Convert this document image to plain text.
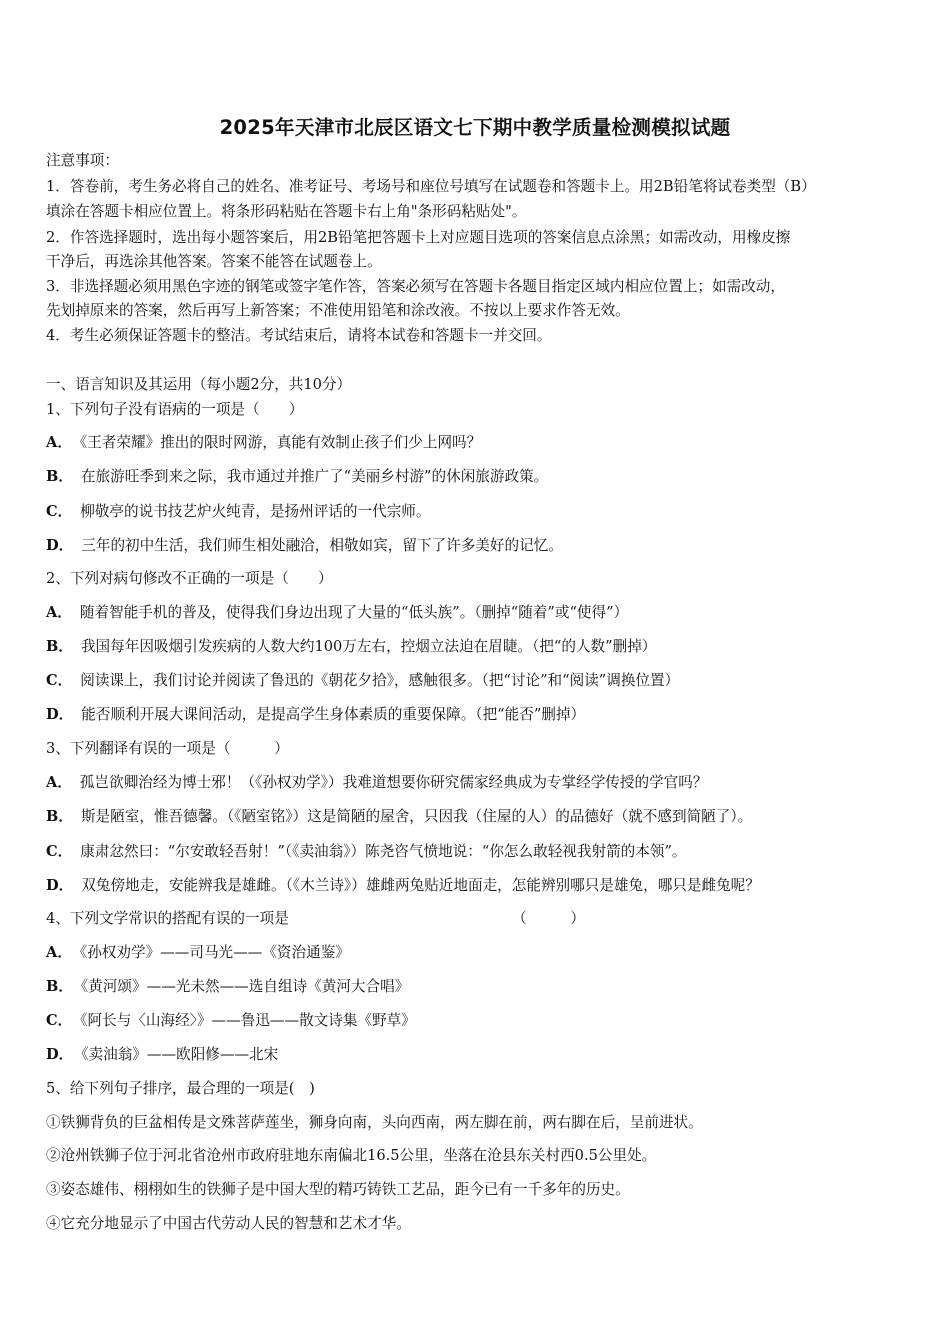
2025年天津市北辰区语文七下期中教学质量检测模拟试题
注意事项：
1．答卷前，考生务必将自己的姓名、准考证号、考场号和座位号填写在试题卷和答题卡上。用2B铅笔将试卷类型（B）
填涂在答题卡相应位置上。将条形码粘贴在答题卡右上角"条形码粘贴处"。
2．作答选择题时，选出每小题答案后，用2B铅笔把答题卡上对应题目选项的答案信息点涂黑；如需改动，用橡皮擦
干净后，再选涂其他答案。答案不能答在试题卷上。
3．非选择题必须用黑色字迹的钢笔或签字笔作答，答案必须写在答题卡各题目指定区域内相应位置上；如需改动，
先划掉原来的答案，然后再写上新答案；不准使用铅笔和涂改液。不按以上要求作答无效。
4．考生必须保证答题卡的整洁。考试结束后，请将本试卷和答题卡一并交回。
一、语言知识及其运用（每小题2分，共10分）
1、下列句子没有语病的一项是（　　）
A． 《王者荣耀》推出的限时网游，真能有效制止孩子们少上网吗？
B． 在旅游旺季到来之际，我市通过并推广了“美丽乡村游”的休闲旅游政策。
C． 柳敬亭的说书技艺炉火纯青，是扬州评话的一代宗师。
D． 三年的初中生活，我们师生相处融洽，相敬如宾，留下了许多美好的记忆。
2、下列对病句修改不正确的一项是（　　）
A． 随着智能手机的普及，使得我们身边出现了大量的“低头族”。（删掉“随着”或“使得”）
B． 我国每年因吸烟引发疾病的人数大约100万左右，控烟立法迫在眉睫。（把“的人数”删掉）
C． 阅读课上，我们讨论并阅读了鲁迅的《朝花夕拾》，感触很多。（把“讨论”和“阅读”调换位置）
D． 能否顺利开展大课间活动，是提高学生身体素质的重要保障。（把“能否”删掉）
3、下列翻译有误的一项是（　　　）
A． 孤岂欲卿治经为博士邪！（《孙权劝学》）我难道想要你研究儒家经典成为专掌经学传授的学官吗？
B． 斯是陋室，惟吾德馨。（《陋室铭》）这是简陋的屋舍，只因我（住屋的人）的品德好（就不感到简陋了）。
C． 康肃忿然曰：“尔安敢轻吾射！”（《卖油翁》）陈尧咨气愤地说：“你怎么敢轻视我射箭的本领”。
D． 双兔傍地走，安能辨我是雄雌。（《木兰诗》）雄雌两兔贴近地面走，怎能辨别哪只是雄兔，哪只是雌兔呢？
4、下列文学常识的搭配有误的一项是	（　　　）
A． 《孙权劝学》——司马光——《资治通鉴》
B． 《黄河颂》——光未然——选自组诗《黄河大合唱》
C． 《阿长与〈山海经〉》——鲁迅——散文诗集《野草》
D． 《卖油翁》——欧阳修——北宋
5、给下列句子排序，最合理的一项是(　)
①铁狮背负的巨盆相传是文殊菩萨莲坐，狮身向南，头向西南，两左脚在前，两右脚在后，呈前进状。
②沧州铁狮子位于河北省沧州市政府驻地东南偏北16.5公里，坐落在沧县东关村西0.5公里处。
③姿态雄伟、栩栩如生的铁狮子是中国大型的精巧铸铁工艺品，距今已有一千多年的历史。
④它充分地显示了中国古代劳动人民的智慧和艺术才华。
